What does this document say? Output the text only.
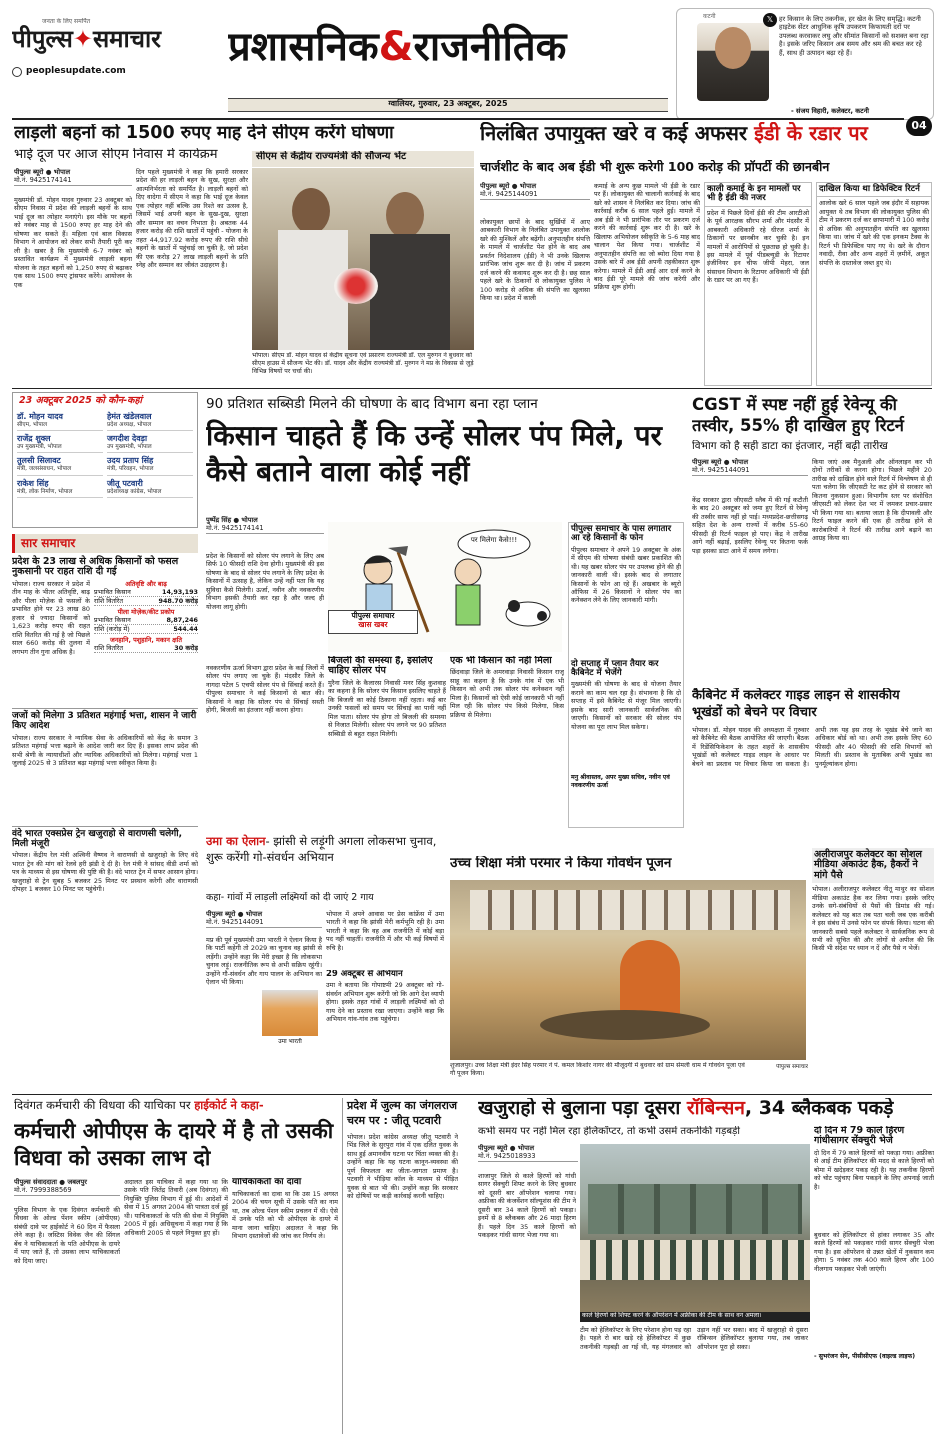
जनता के लिए समर्पित
पीपुल्स✦समाचार
peoplesupdate.com
प्रशासनिक&राजनीतिक
ग्वालियर, गुरुवार, 23 अक्टूबर, 2025
कटनी	𝕏 हर किसान के लिए तकनीक, हर खेत के लिए समृद्धि। कटनी हाइटेक सेंटर आधुनिक कृषि उपकरण किफायती दरों पर उपलब्ध करवाकर लघु और सीमांत किसानों को सशक्त बना रहा है। इसके जरिए किसान अब समय और श्रम की बचत कर रहे हैं, साथ ही उत्पादन बढ़ा रहे हैं।
- संजय विहारी, कलेक्टर, कटनी
04
लाड़ली बहनों को 1500 रुपए माह देने सीएम करेंगे घोषणा
भाई दूज पर आज सीएम निवास में कार्यक्रम
पीपुल्स ब्यूरो ● भोपाल
मो.नं. 9425174141
मुख्यमंत्री डॉ. मोहन यादव गुरुवार 23 अक्टूबर को सीएम निवास में प्रदेश की लाड़ली बहनों के साथ भाई दूज का त्योहार मनाएंगे। इस मौके पर बहनों को नवंबर माह से 1500 रुपए हर माह देने की घोषणा कर सकते हैं। महिला एवं बाल विकास विभाग ने आयोजन को लेकर सभी तैयारी पूरी कर ली है। खबर है कि मुख्यमंत्री 6-7 नवंबर को प्रस्तावित कार्यक्रम में मुख्यमंत्री लाड़ली बहना योजना के तहत बहनों को 1,250 रुपए से बढ़ाकर एक साथ 1500 रुपए ट्रांसफर करेंगे। आयोजन के एक
दिन पहले मुख्यमंत्री ने कहा कि हमारी सरकार प्रदेश की हर लाड़ली बहन के सुख, सुरक्षा और आत्मनिर्भरता को समर्पित है। लाड़ली बहनों को दिए वादेगा में सीएम ने कहा कि भाई दूज केवल एक त्योहार नहीं बल्कि उस रिश्ते का उत्सव है, जिसमें भाई अपनी बहन के सुख-दुख, सुरक्षा और सम्मान का वचन निभाता है। अबतक 44 हजार करोड़ की राशि खातों में पहुंची - योजना के तहत 44,917.92 करोड़ रुपए की राशि सीधे बहनों के खातों में पहुंचाई जा चुकी है, जो प्रदेश की एक करोड़ 27 लाख लाड़ली बहनों के प्रति स्नेह और सम्मान का जीवंत उदाहरण है।
सीएम से केंद्रीय राज्यमंत्री की सौजन्य भेंट
भोपाल। सीएम डॉ. मोहन यादव से केंद्रीय सूचना एवं प्रसारण राज्यमंत्री डॉ. एल मुरुगन ने बुधवार को सीएम हाउस में सौजन्य भेंट की। डॉ. यादव और केंद्रीय राज्यमंत्री डॉ. मुरुगन ने मप्र के विकास से जुड़े विभिन्न विषयों पर चर्चा की।
निलंबित उपायुक्त खरे व कई अफसर ईडी के रडार पर
चार्जशीट के बाद अब ईडी भी शुरू करेगी 100 करोड़ की प्रॉपर्टी की छानबीन
पीपुल्स ब्यूरो ● भोपाल
मो.नं. 9425144091
लोकायुक्त छापों के बाद सुर्खियों में आए आबकारी विभाग के निलंबित उपायुक्त आलोक खरे की मुश्किलें और बढ़ेंगी। अनुपातहीन संपत्ति के मामले में चार्जशीट पेश होने के बाद अब प्रवर्तन निदेशालय (ईडी) ने भी उनके खिलाफ प्रारंभिक जांच शुरू कर दी है। जांच में प्रकरण दर्ज करने की कवायद शुरू कर दी है। छह साल पहले खरे के ठिकानों से लोकायुक्त पुलिस ने 100 करोड़ से अधिक की संपत्ति का खुलासा किया था। प्रदेश में काली
कमाई के अन्य कुछ मामले भी ईडी के रडार पर हैं। लोकायुक्त की चालानी कार्रवाई के बाद खरे को शासन ने निलंबित कर दिया। जांच की कार्रवाई करीब 6 साल पहले हुई। मामले में अब ईडी ने भी प्रारंभिक तौर पर प्रकरण दर्ज करने की कार्रवाई शुरू कर दी है। खरे के खिलाफ अभियोजन स्वीकृति के 5-6 माह बाद चालान पेश किया गया। चार्जशीट में अनुपातहीन संपत्ति का जो ब्योरा दिया गया है उसके बारे में अब ईडी अपनी तहकीकात शुरू करेगा। मामले में ईडी आई आर दर्ज करने के बाद ईडी पूरे मामले की जांच करेगी और प्रक्रिया शुरू होगी।
काली कमाई के इन मामलों पर भी है ईडी की नजर
प्रदेश में पिछले दिनों ईडी की टीम आरटीओ के पूर्व आरक्षक सौरभ शर्मा और मंदसौर में आबकारी अधिकारी रहे धीरज शर्मा के ठिकानों पर छानबीन कर चुकी है। इन मामलों में आरोपियों से पूछताछ हो चुकी है। इस मामले में पूर्व पीडब्ल्यूडी के रिटायर इंजीनियर इन चीफ जीपी मेहरा, जल संसाधन विभाग के रिटायर अधिकारी भी ईडी के रडार पर आ गए हैं।
दाखिल किया था डिफेक्टिव रिटर्न
आलोक खरे 6 साल पहले जब इंदौर में सहायक आयुक्त थे तब विभाग की लोकायुक्त पुलिस की टीम ने प्रकरण दर्ज कर छापामारी में 100 करोड़ से अधिक की अनुपातहीन संपत्ति का खुलासा किया था। जांच में खरे की एक इनकम टैक्स के रिटर्न भी डिफेक्टिव पाए गए थे। खरे के दौरान नवादी, रीवा और अन्य शहरों में ज़मीनें, अकूत संपत्ति के दस्तावेज जब्त हुए थे।
23 अक्टूबर 2025 को कौन-कहां
डॉ. मोहन यादव
सीएम, भोपाल
हेमंत खंडेलवाल
प्रदेश अध्यक्ष, भोपाल
राजेंद्र शुक्ल
उप मुख्यमंत्री, भोपाल
जगदीश देवड़ा
उप मुख्यमंत्री, भोपाल
तुलसी सिलावट
मंत्री, जलसंसाधन, भोपाल
उदय प्रताप सिंह
मंत्री, परिवहन, भोपाल
राकेश सिंह
मंत्री, लोक निर्माण, भोपाल
जीतू पटवारी
प्रदेशाध्यक्ष कांग्रेस, भोपाल
सार समाचार
प्रदेश के 23 लाख से अधिक किसानों को फसल नुकसानी पर राहत राशि दी गई
भोपाल। राज्य सरकार ने प्रदेश में तीन माह के भीतर अतिवृष्टि, बाढ़ और पीला मोज़ेक से फसलों के प्रभावित होने पर 23 लाख 80 हजार से ज्यादा किसानों को 1,623 करोड़ रुपए की राहत राशि वितरित की गई है जो पिछले साल 660 करोड़ की तुलना में लगभग तीन गुना अधिक है।
अतिवृष्टि और बाढ़
प्रभावित किसान	14,93,193
राशि वितरित	948.70 करोड़
पीला मोज़ेक/कीट प्रकोप
प्रभावित किसान	8,87,246
राशि (करोड़ में)	544.44
जनहानि, पशुहानि, मकान क्षति
राशि वितरित	30 करोड़
जजों को मिलेगा 3 प्रतिशत महंगाई भत्ता, शासन ने जारी किए आदेश
भोपाल। राज्य सरकार ने न्यायिक सेवा के अधिकारियों को केंद्र के समान 3 प्रतिशत महंगाई भत्ता बढ़ाने के आदेश जारी कर दिए हैं। इसका लाभ प्रदेश की सभी श्रेणी के न्यायाधीशों और न्यायिक अधिकारियों को मिलेगा। महंगाई भत्ता 1 जुलाई 2025 से 3 प्रतिशत बढ़ा महंगाई भत्ता स्वीकृत किया है।
वंदे भारत एक्सप्रेस ट्रेन खजुराहो से वाराणसी चलेगी, मिली मंजूरी
भोपाल। केंद्रीय रेल मंत्री अश्विनी वैष्णव ने वाराणसी से खजुराहो के लिए वंदे भारत ट्रेन की मांग को रेलवे हरी झंडी दे दी है। रेल मंत्री ने सांसद वीडी शर्मा को पत्र के माध्यम से इस घोषणा की पुष्टि की है। वंदे भारत ट्रेन में सफर आसान होगा। खजुराहो से ट्रेन सुबह 5 बजकर 25 मिनट पर प्रस्थान करेगी और वाराणसी दोपहर 1 बजकर 10 मिनट पर पहुंचेगी।
90 प्रतिशत सब्सिडी मिलने की घोषणा के बाद विभाग बना रहा प्लान
किसान चाहते हैं कि उन्हें सोलर पंप मिले, पर कैसे बताने वाला कोई नहीं
पुष्पेंद्र सिंह ● भोपाल
मो.नं. 9425174141
प्रदेश के किसानों को सोलर पंप लगाने के लिए अब सिर्फ 10 फीसदी राशि देना होगी। मुख्यमंत्री की इस घोषणा के बाद से सोलर पंप लगाने के लिए प्रदेश के किसानों में उत्साह है, लेकिन उन्हें नहीं पता कि यह सुविधा कैसे मिलेगी। ऊर्जा, नवीन और नवकरणीय विभाग इसकी तैयारी कर रहा है और जल्द ही योजना लागू होगी।
नवकरणीय ऊर्जा विभाग द्वारा प्रदेश के कई जिलों में सोलर पंप लगाए जा चुके हैं। मंदसौर जिले के नागदा पटेल 5 एचपी सोलर पंप से सिंचाई करते हैं। पीपुल्स समाचार ने कई किसानों से बात की। किसानों ने कहा कि सोलर पंप से सिंचाई सस्ती होगी, बिजली का इंतजार नहीं करना होगा।
पर मिलेगा कैसे!!!
पीपुल्स समाचार
खास खबर
बिजली की समस्या है, इसलिए चाहिए सोलर पंप
मुरैना जिले के कैलारस निवासी मनर सिंह कुशवाह का कहना है कि सोलर पंप किसान इसलिए चाहते हैं कि बिजली का कोई ठिकाना नहीं रहता। कई बार उनकी फसलों को समय पर सिंचाई का पानी नहीं मिल पाता। सोलर पंप होगा तो बिजली की समस्या से निजात मिलेगी। सोलर पंप लगने पर 90 प्रतिशत सब्सिडी से बहुत राहत मिलेगी।
एक भी किसान को नहीं मिला
छिंदवाड़ा जिले के अमरवाड़ा निवासी किसान राजू साहू का कहना है कि उनके गांव में एक भी किसान को अभी तक सोलर पंप कनेक्शन नहीं मिला है। किसानों को ऐसी कोई जानकारी भी नहीं मिल रही कि सोलर पंप किसे मिलेगा, किस प्रक्रिया से मिलेगा।
पीपुल्स समाचार के पास लगातार आ रहे किसानों के फोन
पीपुल्स समाचार ने अपने 19 अक्टूबर के अंक में सीएम की घोषणा संबंधी खबर प्रकाशित की थी। यह खबर सोलर पंप पर उपलब्ध होने की ही जानकारी वाली थी। इसके बाद से लगातार किसानों के फोन आ रहे हैं। अखबार के ब्यूरो ऑफिस में 26 किसानों ने सोलर पंप का कनेक्शन लेने के लिए जानकारी मांगी।
दो सप्ताह में प्लान तैयार कर कैबिनेट में भेजेंगे
मुख्यमंत्री की घोषणा के बाद से योजना तैयार कराने का काम चल रहा है। संभावना है कि दो सप्ताह में इसे कैबिनेट से मंजूर मिल जाएगी। इसके बाद सारी जानकारी सार्वजनिक की जाएगी। किसानों को सरकार की सोलर पंप योजना का पूरा लाभ मिल सकेगा।
मनु श्रीवास्तव, अपर मुख्य सचिव, नवीन एवं नवकरणीय ऊर्जा
CGST में स्पष्ट नहीं हुई रेवेन्यू की तस्वीर, 55% ही दाखिल हुए रिटर्न
विभाग को है सही डाटा का इंतजार, नहीं बढ़ी तारीख
पीपुल्स ब्यूरो ● भोपाल
मो.नं. 9425144091
केंद्र सरकार द्वारा जीएसटी स्लैब में की गई कटौती के बाद 20 अक्टूबर को जमा हुए रिटर्न से रेवेन्यू की तस्वीर साफ नहीं हो पाई। मध्यप्रदेश-छत्तीसगढ़ सहित देश के अन्य राज्यों में करीब 55-60 फीसदी ही रिटर्न फाइल हो पाए। केंद्र ने तारीख आगे नहीं बढ़ाई, इसलिए रेवेन्यू पर कितना फर्क पड़ा इसका डाटा आने में समय लगेगा।
किया जाएं अब मैनुअली और ऑनलाइन कर भी दोनों तरीकों से करना होगा। पिछले महीने 20 तारीख को दाखिल होने वाले रिटर्न में विश्लेषण से ही पता चलेगा कि जीएसटी रेट कट होने से सरकार को कितना नुकसान हुआ। विभागीय स्तर पर संशोधित जीएसटी को लेकर देश भर में जमकर प्रचार-प्रसार भी किया गया था। बताया जाता है कि दीपावली और रिटर्न फाइल करने की एक ही तारीख होने से कारोबारियों ने रिटर्न की तारीख आगे बढ़ाने का आग्रह किया था।
कैबिनेट में कलेक्टर गाइड लाइन से शासकीय भूखंडों को बेचने पर विचार
भोपाल। डॉ. मोहन यादव की अध्यक्षता में गुरुवार को कैबिनेट की बैठक आयोजित की जाएगी। बैठक में रिडेंसिफिकेशन के तहत शहरों के शासकीय भूखंडों को कलेक्टर गाइड लाइन के आधार पर बेचने का प्रस्ताव पर विचार किया जा सकता है। अभी तक यह इस तरह के भूखंड बेचे जाने का अधिकार बोर्ड को था। अभी तक इसके लिए 60 फीसदी और 40 फीसदी की राशि विभागों को मिलती थी। प्रस्ताव के मुताबिक अभी भूखंड का पुनर्मूल्यांकन होगा।
अलीराजपुर कलेक्टर का सोशल मीडिया अकाउंट हैक, हैकरों ने मांगे पैसे
भोपाल। अलीराजपुर कलेक्टर नीतू माथुर का सोशल मीडिया अकाउंट हैक कर लिया गया। इसके जरिए उनके सगे-संबंधियों से पैसों की डिमांड की गई। कलेक्टर को यह बात तब पता चली जब एक करीबी ने इस संबंध में उनसे फोन पर संपर्क किया। घटना की जानकारी सबसे पहले कलेक्टर ने सार्वजनिक रूप से सभी को सूचित की और लोगों से अपील की कि किसी भी संदेश पर ध्यान न दें और पैसे न भेजें।
उमा का ऐलान- झांसी से लड़ूंगी अगला लोकसभा चुनाव, शुरू करेंगी गो-संवर्धन अभियान
कहा- गांवों में लाड़ली लक्ष्मियों को दी जाएं 2 गाय
पीपुल्स ब्यूरो ● भोपाल
मो.नं. 9425144091
मप्र की पूर्व मुख्यमंत्री उमा भारती ने ऐलान किया है कि पार्टी कहेगी तो 2029 का चुनाव वह झांसी से लड़ेंगी। उन्होंने कहा कि मेरी इच्छा है कि लोकसभा चुनाव लड़ूं। राजनीतिक रूप से अभी सक्रिय रहूंगी। उन्होंने गौ-संवर्धन और गाय पालन के अभियान का ऐलान भी किया।
उमा भारती
भोपाल में अपने आवास पर प्रेस कांफ्रेंस में उमा भारती ने कहा कि झांसी मेरी कर्मभूमि रही है। उमा भारती ने कहा कि वह अब राजनीति में कोई बड़ा पद नहीं चाहतीं। राजनीति में और भी कई विषयों में रुचि है।
29 अक्टूबर से अभियान
उमा ने बताया कि गोपाष्टमी 29 अक्टूबर को गो-संवर्धन अभियान शुरू करेंगी जो कि आगे देश व्यापी होगा। इसके तहत गांवों में लाड़ली लक्ष्मियों को दो गाय देने का प्रस्ताव रखा जाएगा। उन्होंने कहा कि अभियान गांव-गांव तक पहुंचेगा।
उच्च शिक्षा मंत्री परमार ने किया गोवर्धन पूजन
शुजालपुर। उच्च शिक्षा मंत्री इंदर सिंह परमार ने पं. कमल किशोर नागर की मौजूदगी में बुधवार को ग्राम सेमली धाम में गोवर्धन पूजा एवं गौ पूजन किया।
पीपुल्स समाचार
दिवंगत कर्मचारी की विधवा की याचिका पर हाईकोर्ट ने कहा-
कर्मचारी ओपीएस के दायरे में है तो उसकी विधवा को उसका लाभ दो
पीपुल्स संवाददाता ● जबलपुर
मो.नं. 7999388569
पुलिस विभाग के एक दिवंगत कर्मचारी की विधवा के ओल्ड पेंशन स्कीम (ओपीएस) संबंधी दावे पर हाईकोर्ट ने 60 दिन में फैसला लेने कहा है। जस्टिस विवेक जैन की सिंगल बेंच ने याचिकाकर्ता के पति ओपीएस के दायरे में पाए जाते हैं, तो उसका लाभ याचिकाकर्ता को दिया जाए।
अदालत इस याचिका में कहा गया था कि उसके पति जितेंद्र तिवारी (अब दिवंगत) की नियुक्ति पुलिस विभाग में हुई थी। आदेशों में सेवा में 15 अगस्त 2004 की पात्रता दर्ज हुई थी। याचिकाकर्ता के पति की सेवा में नियुक्ति 2005 में हुई। अधिसूचना में कहा गया है कि अधिकारी 2005 से पहले नियुक्त हुए हों।
याचिकाकर्ता का दावा
याचिकाकर्ता का दावा था कि उस 15 अगस्त 2004 की चयन सूची में उसके पति का नाम था, तब ओल्ड पेंशन स्कीम प्रचलन में थी। ऐसे में उनके पति को भी ओपीएस के दायरे में माना जाना चाहिए। अदालत ने कहा कि विभाग दस्तावेजों की जांच कर निर्णय ले।
प्रदेश में जुल्म का जंगलराज चरम पर : जीतू पटवारी
भोपाल। प्रदेश कांग्रेस अध्यक्ष जीतू पटवारी ने भिंड जिले के सुरपुरा गांव में एक दलित युवक के साथ हुई अमानवीय घटना पर चिंता व्यक्त की है। उन्होंने कहा कि यह घटना कानून-व्यवस्था की पूर्ण विफलता का जीता-जागता प्रमाण है। पटवारी ने भीड़िया कॉल के माध्यम से पीड़ित युवक से बात भी की। उन्होंने कहा कि सरकार को दोषियों पर कड़ी कार्रवाई करनी चाहिए।
खजुराहो से बुलाना पड़ा दूसरा रॉबिन्सन, 34 ब्लैकबक पकड़े
कभी समय पर नहीं मिल रहा हेलिकॉप्टर, तो कभी उसमें तकनीकी गड़बड़ी
पीपुल्स ब्यूरो ● भोपाल
मो.नं. 9425018933
काले हिरणों को शिफ्ट करने के ऑपरेशन में अफ्रीका की टीम के साथ वन अमला।
शाजापुर जिले से काले हिरणों को गांधी सागर सेंक्चुरी शिफ्ट करने के लिए बुधवार को दूसरी बार ऑपरेशन चलाया गया। अफ्रीका की कंजर्वेशन सॉल्यूशंस की टीम ने दूसरी बार 34 काले हिरणों को पकड़ा। इनमें से 8 ब्लैकबक और 26 मादा हिरण हैं। पहले दिन 35 काले हिरणों को पकड़कर गांधी सागर भेजा गया था।
टीम को हेलिकॉप्टर के लिए परेशान होना पड़ रहा है। पहले रो बार खड़े रहे हेलिकॉप्टर में कुछ तकनीकी गड़बड़ी आ गई थी, यह मंगलवार को उड़ान नहीं भर सका। बाद में खजुराहो से दूसरा रॉबिन्सन हेलिकॉप्टर बुलाया गया, तब जाकर ऑपरेशन पूरा हो सका।
दो दिन में 79 काले हिरण गांधीसागर सेंक्चुरी भेजे
दो दिन में 79 काले हिरणों को पकड़ा गया। अफ्रीका से आई टीम हेलिकॉप्टर की मदद से काले हिरणों को बोमा में खदेड़कर पकड़ रही है। यह तकनीक हिरणों को चोट पहुंचाए बिना पकड़ने के लिए अपनाई जाती है।
बुधवार को हेलिकॉप्टर से हांका लगाकर 35 और काले हिरणों को पकड़कर गांधी सागर सेंक्चुरी भेजा गया है। इस ऑपरेशन से उन्नत खेतों में नुकसान कम होगा। 5 नवंबर तक 400 काले हिरण और 100 नीलगाय पकड़कर भेजी जाएंगी।
- सुभरंजन सेन, पीसीसीएफ (वाइल्ड लाइफ)
